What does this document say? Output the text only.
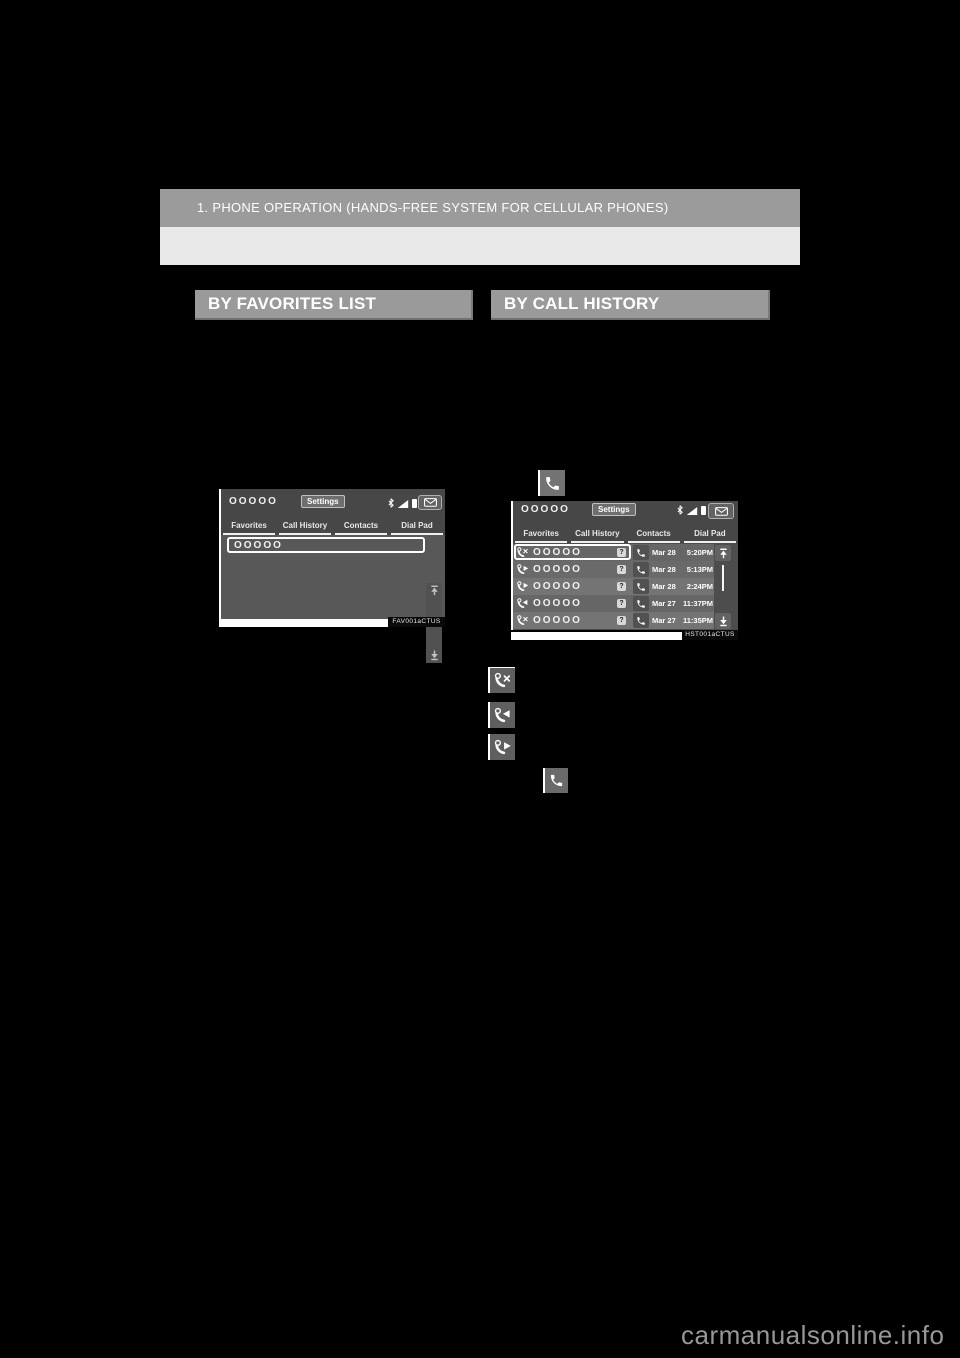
1. PHONE OPERATION (HANDS-FREE SYSTEM FOR CELLULAR PHONES)
BY FAVORITES LIST	BY CALL HISTORY
OOOOO	Settings
Favorites	Call History	Contacts	Dial Pad
OOOOO
FAV001aCTUS
OOOOO	Settings
Favorites	Call History	Contacts	Dial Pad
OOOOO	?	Mar 28	5:20PM
OOOOO	?	Mar 28	5:13PM
OOOOO	?	Mar 28	2:24PM
OOOOO	?	Mar 27 11:37PM
OOOOO	?	Mar 27 11:35PM
HST001aCTUS
carmanualsonline.info
